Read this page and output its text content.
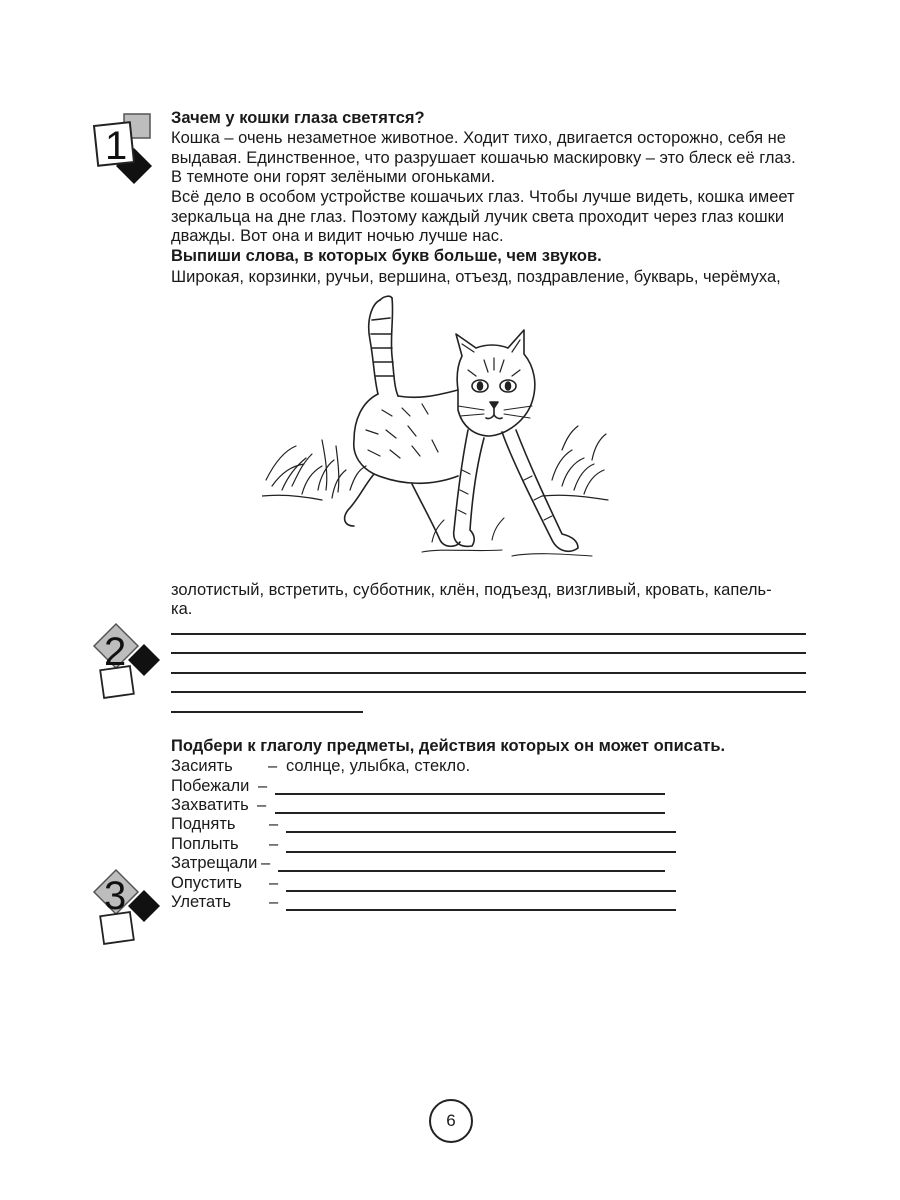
1
Зачем у кошки глаза светятся?
Кошка – очень незаметное животное. Ходит тихо, двигается осторожно, себя не
выдавая. Единственное, что разрушает кошачью маскировку – это блеск её глаз.
В темноте они горят зелёными огоньками.
Всё дело в особом устройстве кошачьих глаз. Чтобы лучше видеть, кошка имеет
зеркальца на дне глаз. Поэтому каждый лучик света проходит через глаз кошки
дважды. Вот она и видит ночью лучше нас.
Выпиши слова, в которых букв больше, чем звуков.
Широкая, корзинки, ручьи, вершина, отъезд, поздравление, букварь, черёмуха,
золотистый, встретить, субботник, клён, подъезд, визгливый, кровать, капель-
ка.
2
Подбери к глаголу предметы, действия которых он может описать.
Засиять – солнце, улыбка, стекло.
Побежали –
Захватить –
Поднять –
Поплыть –
Затрещали –
Опустить –
Улетать –
3
6
